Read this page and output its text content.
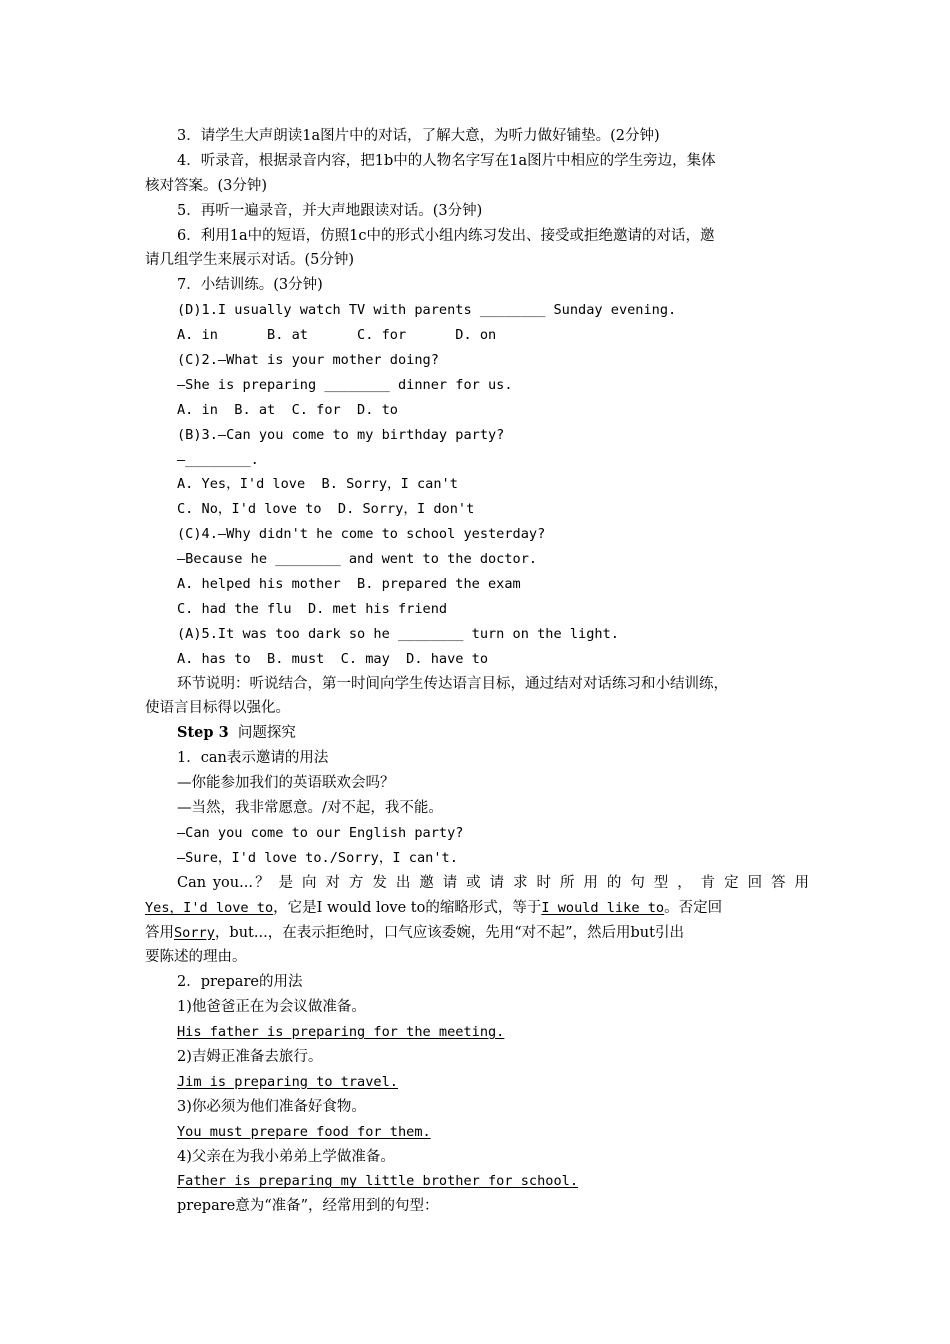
3．请学生大声朗读1a图片中的对话，了解大意，为听力做好铺垫。(2分钟)
4．听录音，根据录音内容，把1b中的人物名字写在1a图片中相应的学生旁边，集体
核对答案。(3分钟)
5．再听一遍录音，并大声地跟读对话。(3分钟)
6．利用1a中的短语，仿照1c中的形式小组内练习发出、接受或拒绝邀请的对话，邀
请几组学生来展示对话。(5分钟)
7．小结训练。(3分钟)
(D)1.I usually watch TV with parents ________ Sunday evening.
A. in      B. at      C. for      D. on
(C)2.—What is your mother doing?
—She is preparing ________ dinner for us.
A. in  B. at  C. for  D. to
(B)3.—Can you come to my birthday party?
—________.
A. Yes，I'd love  B. Sorry，I can't
C. No，I'd love to  D. Sorry，I don't
(C)4.—Why didn't he come to school yesterday?
—Because he ________ and went to the doctor.
A. helped his mother  B. prepared the exam
C. had the flu  D. met his friend
(A)5.It was too dark so he ________ turn on the light.
A. has to  B. must  C. may  D. have to
环节说明：听说结合，第一时间向学生传达语言目标，通过结对对话练习和小结训练，
使语言目标得以强化。
Step 3 问题探究
1．can表示邀请的用法
—你能参加我们的英语联欢会吗？
—当然，我非常愿意。/对不起，我不能。
—Can you come to our English party?
—Sure，I'd love to./Sorry，I can't.
Can you...？ 是 向 对 方 发 出 邀 请 或 请 求 时 所 用 的 句 型 ， 肯 定 回 答 用
Yes，I'd love to，它是I would love to的缩略形式，等于I would like to。否定回
答用Sorry，but...，在表示拒绝时，口气应该委婉，先用“对不起”，然后用but引出
要陈述的理由。
2．prepare的用法
1)他爸爸正在为会议做准备。
His father is preparing for the meeting.
2)吉姆正准备去旅行。
Jim is preparing to travel.
3)你必须为他们准备好食物。
You must prepare food for them.
4)父亲在为我小弟弟上学做准备。
Father is preparing my little brother for school.
prepare意为“准备”，经常用到的句型：
